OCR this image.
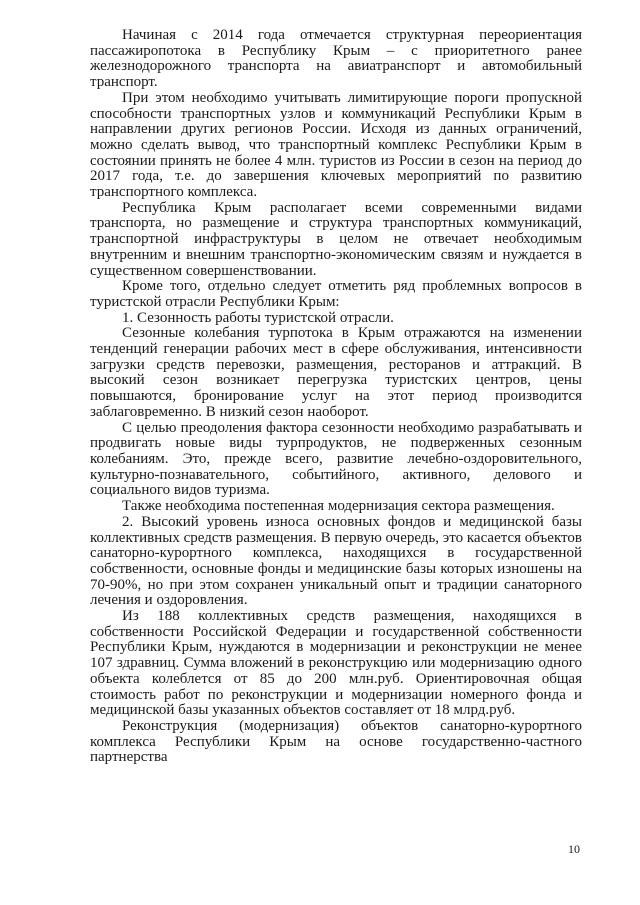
Начиная с 2014 года отмечается структурная переориентация пассажиропотока в Республику Крым – с приоритетного ранее железнодорожного транспорта на авиатранспорт и автомобильный транспорт.

При этом необходимо учитывать лимитирующие пороги пропускной способности транспортных узлов и коммуникаций Республики Крым в направлении других регионов России. Исходя из данных ограничений, можно сделать вывод, что транспортный комплекс Республики Крым в состоянии принять не более 4 млн. туристов из России в сезон на период до 2017 года, т.е. до завершения ключевых мероприятий по развитию транспортного комплекса.

Республика Крым располагает всеми современными видами транспорта, но размещение и структура транспортных коммуникаций, транспортной инфраструктуры в целом не отвечает необходимым внутренним и внешним транспортно-экономическим связям и нуждается в существенном совершенствовании.

Кроме того, отдельно следует отметить ряд проблемных вопросов в туристской отрасли Республики Крым:

1. Сезонность работы туристской отрасли.

Сезонные колебания турпотока в Крым отражаются на изменении тенденций генерации рабочих мест в сфере обслуживания, интенсивности загрузки средств перевозки, размещения, ресторанов и аттракций. В высокий сезон возникает перегрузка туристских центров, цены повышаются, бронирование услуг на этот период производится заблаговременно. В низкий сезон наоборот.

С целью преодоления фактора сезонности необходимо разрабатывать и продвигать новые виды турпродуктов, не подверженных сезонным колебаниям. Это, прежде всего, развитие лечебно-оздоровительного, культурно-познавательного, событийного, активного, делового и социального видов туризма.

Также необходима постепенная модернизация сектора размещения.

2. Высокий уровень износа основных фондов и медицинской базы коллективных средств размещения. В первую очередь, это касается объектов санаторно-курортного комплекса, находящихся в государственной собственности, основные фонды и медицинские базы которых изношены на 70-90%, но при этом сохранен уникальный опыт и традиции санаторного лечения и оздоровления.

Из 188 коллективных средств размещения, находящихся в собственности Российской Федерации и государственной собственности Республики Крым, нуждаются в модернизации и реконструкции не менее 107 здравниц. Сумма вложений в реконструкцию или модернизацию одного объекта колеблется от 85 до 200 млн.руб. Ориентировочная общая стоимость работ по реконструкции и модернизации номерного фонда и медицинской базы указанных объектов составляет от 18 млрд.руб.

Реконструкция (модернизация) объектов санаторно-курортного комплекса Республики Крым на основе государственно-частного партнерства

10
